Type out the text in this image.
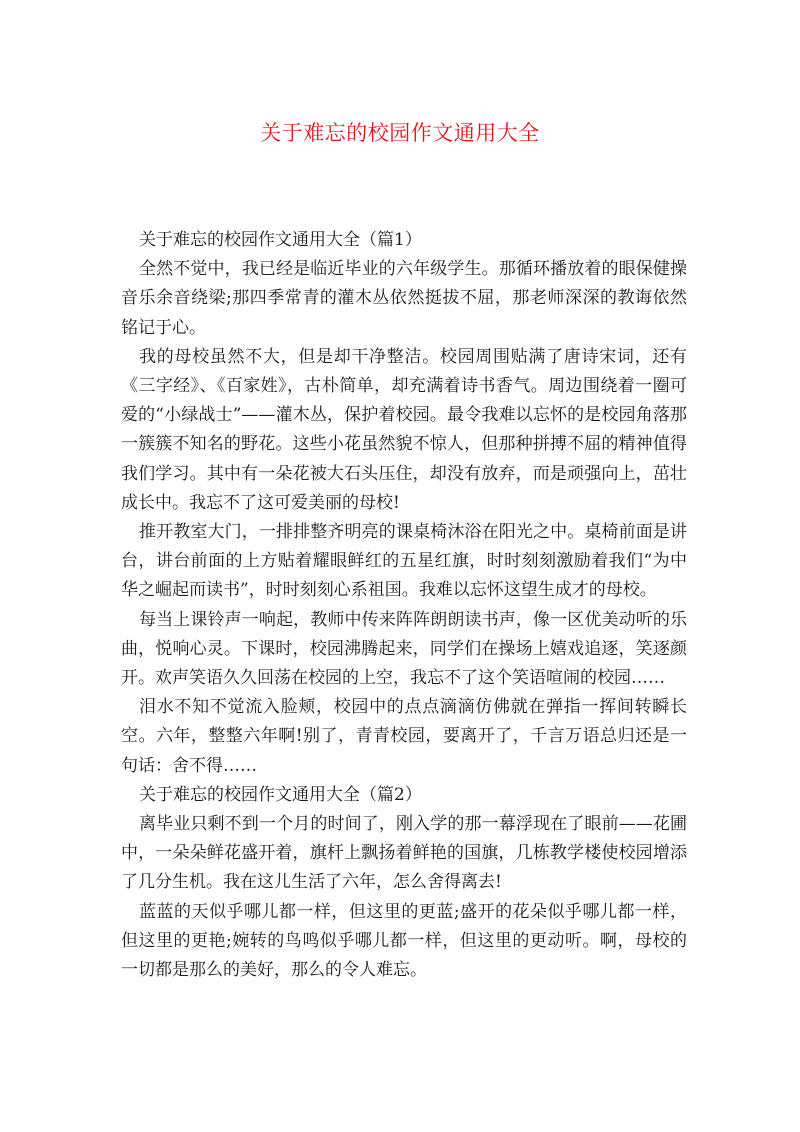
关于难忘的校园作文通用大全

关于难忘的校园作文通用大全（篇1）

全然不觉中，我已经是临近毕业的六年级学生。那循环播放着的眼保健操音乐余音绕梁;那四季常青的灌木丛依然挺拔不屈，那老师深深的教诲依然铭记于心。

我的母校虽然不大，但是却干净整洁。校园周围贴满了唐诗宋词，还有《三字经》、《百家姓》，古朴简单，却充满着诗书香气。周边围绕着一圈可爱的“小绿战士”——灌木丛，保护着校园。最令我难以忘怀的是校园角落那一簇簇不知名的野花。这些小花虽然貌不惊人，但那种拼搏不屈的精神值得我们学习。其中有一朵花被大石头压住，却没有放弃，而是顽强向上，茁壮成长中。我忘不了这可爱美丽的母校!

推开教室大门，一排排整齐明亮的课桌椅沐浴在阳光之中。桌椅前面是讲台，讲台前面的上方贴着耀眼鲜红的五星红旗，时时刻刻激励着我们“为中华之崛起而读书”，时时刻刻心系祖国。我难以忘怀这望生成才的母校。

每当上课铃声一响起，教师中传来阵阵朗朗读书声，像一区优美动听的乐曲，悦响心灵。下课时，校园沸腾起来，同学们在操场上嬉戏追逐，笑逐颜开。欢声笑语久久回荡在校园的上空，我忘不了这个笑语喧闹的校园……

泪水不知不觉流入脸颊，校园中的点点滴滴仿佛就在弹指一挥间转瞬长空。六年，整整六年啊!别了，青青校园，要离开了，千言万语总归还是一句话：舍不得……

关于难忘的校园作文通用大全（篇2）

离毕业只剩不到一个月的时间了，刚入学的那一幕浮现在了眼前——花圃中，一朵朵鲜花盛开着，旗杆上飘扬着鲜艳的国旗，几栋教学楼使校园增添了几分生机。我在这儿生活了六年，怎么舍得离去!

蓝蓝的天似乎哪儿都一样，但这里的更蓝;盛开的花朵似乎哪儿都一样，但这里的更艳;婉转的鸟鸣似乎哪儿都一样，但这里的更动听。啊，母校的一切都是那么的美好，那么的令人难忘。
